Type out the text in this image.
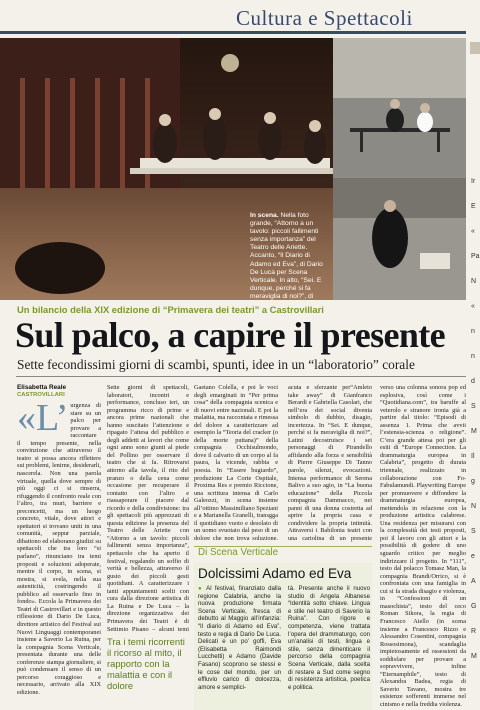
Cultura e Spettacoli
In scena. Nella foto grande, “Attorno a un tavolo: piccoli fallimenti senza importanza” del Teatro delle Ariette. Accanto, “Il Diario di Adamo ed Eva”, di Dario De Luca per Scena Verticale. In alto, “Sei. E dunque, perché si fa meraviglia di noi?”, di
Ir
E
«
Pa
N
«
n
n
d
S
M
Il
g
N
S
e
A
G
R
M
Un bilancio della XIX edizione di “Primavera dei teatri” a Castrovillari
Sul palco, a capire il presente
Sette fecondissimi giorni di scambi, spunti, idee in un “laboratorio” corale
Elisabetta Reale
CASTROVILLARI
«L’ urgenza di stare su un palco per provare a raccontare il tempo presente, nella convinzione che attraverso il teatro si possa ancora riflettere sui problemi, lenirne, desiderarli, nascerela. Non una parola virtuale, quella dove sempre di più oggi ci si rinserra, rifuggendo il confronto reale con l’altro, tra muri, barriere e preconcetti, ma un luogo concreto, vitale, dove attori e spettatori si trovano uniti in una comunità, seppur parziale, dibattono ed elaborano giudizi su spettacoli che tra loro “si parlano”, rinunciano tra temi proposti e soluzioni adoperate, mentre il corpo, in scena, si mostra, si svela, nella sua autenticità, costringendo il pubblico ad osservarlo fino in fondo». Eccola la Primavera dei Teatri di Castrovillari e in questo riflessione di Dario De Luca, direttore artistico del Festival sui Nuovi Linguaggi contemporanei insieme a Saverio La Ruina, per la compagnia Scena Verticale, presentata durante una delle conferenze stampa giornaliere, si può condensare il senso di un percorso coraggioso e necessario, arrivato alla XIX edizione.
Sette giorni di spettacoli, laboratori, incontri e performance, concluso ieri, un programma ricco di prime e ancora prime nazionali che hanno suscitato l’attenzione e ripagato l’attesa del pubblico e degli addetti ai lavori che come ogni anno sono giunti al piede del Pollino per osservare il teatro che si fa. Ritrovarsi attorno alla tavola, il rito del pranzo o della cena come occasione per recuperare il contatto con l’altro e riassaporare il piacere dal ricordo e della condivisione: tra gli spettacoli più apprezzati di questa edizione la presenza del Teatro delle Ariette con “Attorno a un tavolo: piccoli fallimenti senza importanza”, spettacolo che ha aperto il festival, regalando un soffio di verità e bellezza, attraverso il gusto dei piccoli gesti quotidiani. A caratterizzare i tanti appuntamenti scelti con cura dalla direzione artistica di La Ruina e De Luca – la direzione organizzativa dei Primavera dei Teatri è di Settimio Pisano – alcuni temi
Tra i temi ricorrenti il ricorso al mito, il rapporto con la malattia e con il dolore
Gaetano Colella, e poi le voci degli emarginati in “Per prima cosa” della compagnia scenica e di nuovi entre nazionali. E poi la malattia, ma raccontata e rimessa del dolore a caratterizzare ad esempio la “Teoria del cracker (o della morte puttana)” della compagnia Occhisulmondo, dove il calvario di un corpo al fa paura, la vicende, rabbia e poesia. In “Essere bugiardo”, produzione La Corte Ospitale, Proxima Res e premio Riccione, una scrittura intensa di Carlo Galeozzi, in scena insieme all’ottimo Massimiliano Speziani e a Marianella Granelli, transgga il quotidiano vuoto e desolato di un uomo svuotato dal peso di un dolore che non trova soluzione.
acuta e sferzante per“Amleto take away” di Gianfranco Berardi e Gabriella Casolari, che nell’era dei social diventa simbolo di dubbio, disagio, incertezza. In “Sei. E dunque, perché si fa meraviglia di noi?”, Latini decostruisce i sei personaggi di Pirandello affidando alla forza e sensibilità di Pierre Giuseppe Di Tanno parole, silenzi, evocazioni. Intensa performance di Serena Balivo a suo agio, in “La buona educazione” della Piccola compagnia Dammacco, nei panni di una donna costretta ad aprire la propria casa e condividere la propria intimità. Attraversi i Babilonia teatri con una cartolina di un presente
verso una colonna sonora pop ed esplosiva, così come i “Quotidiana.com”, tra baruffe al veterolo e stranore ironia già a partire dal titolo: “Episodi di assenza 1. Prima che avvii l’estensia-scienza o religione”. C’era grande attesa poi per gli esiti di “Europe Connection. La drammaturgia europea in Calabria”, progetto di durata triennale, realizzato in collaborazione con Fo- Fabulamundi. Playwriting Europe per promuovere e diffondere la drammaturgia europea, mettendola in relazione con la produzione artistica calabrese. Una residenza per misurarsi con la complessità dei testi proposti, poi il lavoro con gli attori e la possibilità di godere di uno sguardo critico per meglio indirizzare il progetto. In “111”, testo dal polacco Tomasz Man, la compagnia Brandi/Orrico, si è confrontata con una famiglia in cui si fa strada disagio e violenza, in “Confessioni di un masochista”, testo del ceco Roman Sikora, la regia di Francesco Aiello (in scena insieme a Francesco Rizzo e Alessandro Cosentini, compagnia Rossosimona), scandaglia impietosamente ed ossessioni da soddisfare per provare a sopravvivere, infine “Eternamphile”, testo di Alexandra Badea, regia di Saverio Tavano, mostra tre esistenze sofferenti immerse nel cinismo e nella freddia violenza.
Di Scena Verticale
Dolcissimi Adamo ed Eva
● Al festival, finanziato dalla regione Calabria, anche la nuova produzione firmata Scena Verticale, fresca di debutto al Maggio all’infanzia: “Il diario di Adamo ed Eva”, testo e regia di Dario De Luca. Delicati e un po’ goffi, Eva (Elisabetta Raimondi Lucchetti) e Adamo (Davide Fasano) scoprono se stessi e le cose del mondo, per un effluvio carico di dolcezza, amore e semplici-
tà. Presente anche il nuovo studio di Angela Albanese “Identità sotto chiave. Lingua e stile nel teatro di Saverio la Ruina”. Con rigore e competenza, viene trattata l’opera del drammaturgo, con un’analisi di testi, lingua e stile, senza dimenticare il percorso della compagnia Scena Verticale, dalla scelta di restare a Sud come segno di resistenza artistica, poetica e politica.
